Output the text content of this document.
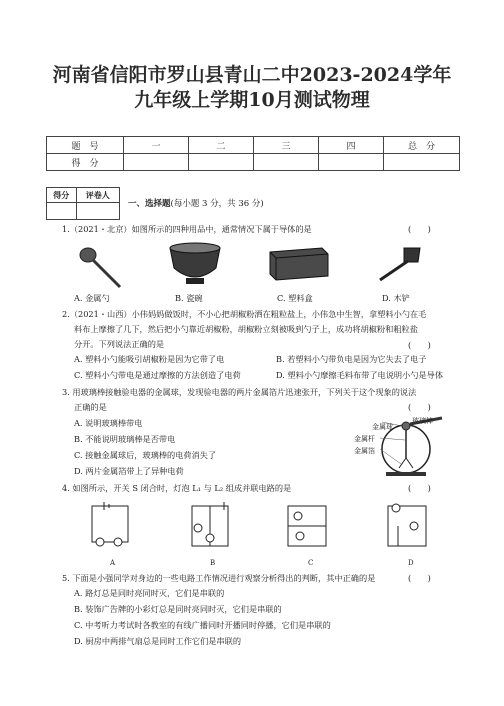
河南省信阳市罗山县青山二中2023-2024学年
九年级上学期10月测试物理
题　号	一	二	三	四	总　分
得　分					
得分	评卷人

一、选择题(每小题 3 分，共 36 分)
1.（2021・北京）如图所示的四种用品中，通常情况下属于导体的是	(　　)
A. 金属勺	B. 瓷碗	C. 塑料盒	D. 木铲
2.（2021・山西）小伟妈妈做饭时，不小心把胡椒粉洒在粗粒盐上，小伟急中生智，拿塑料小勺在毛
料布上摩擦了几下，然后把小勺靠近胡椒粉，胡椒粉立刻被吸到勺子上，成功将胡椒粉和粗粒盐
分开。下列说法正确的是	(　　)
A. 塑料小勺能吸引胡椒粉是因为它带了电	B. 若塑料小勺带负电是因为它失去了电子
C. 塑料小勺带电是通过摩擦的方法创造了电荷	D. 塑料小勺摩擦毛料布带了电说明小勺是导体
3. 用玻璃棒接触验电器的金属球，发现验电器的两片金属箔片迅速张开，下列关于这个现象的说法
正确的是	(　　)
A. 说明玻璃棒带电
B. 不能说明玻璃棒是否带电
C. 接触金属球后，玻璃棒的电荷消失了
D. 两片金属箔带上了异种电荷
金属球
玻璃棒
金属杆
金属箔
4. 如图所示，开关 S 闭合时，灯泡 L₁ 与 L₂ 组成并联电路的是	(　　)
A	B	C	D
5. 下面是小强同学对身边的一些电路工作情况进行观察分析得出的判断，其中正确的是	(　　)
A. 路灯总是同时亮同时灭，它们是串联的
B. 装饰广告牌的小彩灯总是同时亮同时灭，它们是串联的
C. 中考听力考试时各教室的有线广播同时开播同时停播，它们是串联的
D. 厨房中两排气扇总是同时工作它们是串联的
